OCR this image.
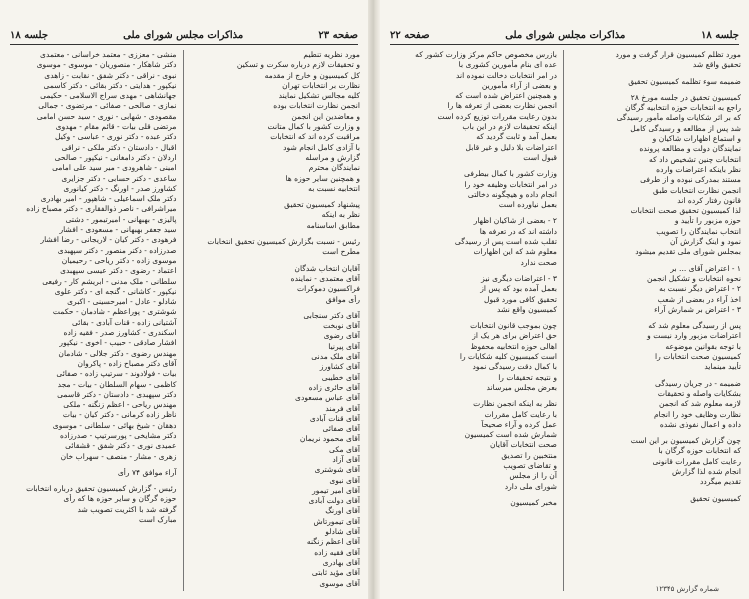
صفحه ۲۳
مذاکرات مجلس شورای ملی
جلسه ۱۸
مورد نظریه تنطیم
و تحقیقات لازم درباره سکرت و تسکین
کل کمیسیون و خارج از مقدمه
نظارت بر انتخابات تهران
کلیه مجالس تشکیل نمایند
انجمن نظارت انتخابات بوده
و معاضدین این انجمن
و وزارت کشور با کمال متانت
مراقبت کرده اند که انتخابات
با آزادی کامل انجام شود
گزارش و مراسله
نمایندگان محترم
و همچنین سایر حوزه ها
انتخابیه نسبت به
پیشنهاد کمیسیون تحقیق
نظر به اینکه
مطابق اساسنامه
رئیس - نسبت بگزارش کمیسیون تحقیق انتخابات
مطرح است
آقایان انتخاب شدگان
آقای معتمدی - نماینده
فراکسیون دموکرات
رأی موافق
آقای دکتر سنجابی
آقای نوبخت
آقای رضوی
آقای پیرنیا
آقای ملک مدنی
آقای کشاورز
آقای خطیبی
آقای حائری زاده
آقای عباس مسعودی
آقای فرمند
آقای قنات آبادی
آقای صفائی
آقای محمود نریمان
آقای مکی
آقای آزاد
آقای شوشتری
آقای نبوی
آقای امیر تیمور
آقای دولت آبادی
آقای اورنگ
آقای تیمورتاش
آقای شادلو
آقای اعظم زنگنه
آقای فقیه زاده
آقای بهادری
آقای مؤید ثابتی
آقای موسوی
منشی - معززی - معتمد خراسانی - معتمدی
دکتر شاهکار - منصوریان - موسوی - موسوی
نبوی - نراقی - دکتر شفق - نقابت - زاهدی
نیکپور - هدایتی - دکتر بقائی - دکتر کاسمی
جهانشاهی - مهدی سراج الاسلامی - حکیمی
نمازی - صالحی - صفائی - مرتضوی - جمالی
مقصودی - شهابی - نوری - سید حسن امامی
مرتضی قلی بیات - قائم مقام - مهدوی
دکتر عبده - دکتر نوری - عباسی - وکیل
اقبال - دادستان - دکتر ملکی - نراقی
اردلان - دکتر دامغانی - نیکپور - صالحی
امینی - شاهرودی - میر سید علی امامی
ساعدی - دکتر حسابی - دکتر جزایری
کشاورز صدر - اورنگ - دکتر کیانوری
دکتر ملک اسماعیلی - شاهپور - امیر بهادری
میراشرافی - ناصر ذوالفقاری - دکتر مصباح زاده
پالیزی - بهبهانی - امیرتیمور - دشتی
سید جعفر بهبهانی - مسعودی - افشار
فرهودی - دکتر کیان - لاریجانی - رضا افشار
صدرزاده - دکتر منصور - دکتر سپهبدی
موسوی زاده - دکتر ریاحی - رحیمیان
اعتماد - رضوی - دکتر عیسی سپهبدی
سلطانی - ملک مدنی - ابریشم کار - رفیعی
نیکپور - کاشانی - گنجه ای - دکتر علوی
شادلو - عادل - امیرحسینی - اکبری
شوشتری - پوراعظم - شادمان - حکمت
آشتیانی زاده - قنات آبادی - بقائی
اسکندری - کشاورز صدر - فقیه زاده
افشار صادقی - حبیب - اخوی - نیکپور
مهندس رضوی - دکتر جلالی - شادمان
آقای دکتر مصباح زاده - پاکروان
بیات - فولادوند - سرتیپ زاده - صفائی
کاظمی - سهام السلطان - بیات - مجد
دکتر سپهبدی - دادستان - دکتر قاسمی
مهندس ریاحی - اعظم زنگنه - ملکی
ناظر زاده کرمانی - دکتر کیان - بیات
دهقان - شیخ بهائی - سلطانی - موسوی
دکتر مشایخی - پورسرتیپ - صدرزاده
عمیدی نوری - دکتر شفق - قشقائی
زهری - مشار - منصف - سهراب خان
آراء موافق ۷۴ رأی
رئیس - گزارش کمیسیون تحقیق درباره انتخابات
حوزه گرگان و سایر حوزه ها که رأی
گرفته شد با اکثریت تصویب شد
مبارک است
جلسه ۱۸
مذاکرات مجلس شورای ملی
صفحه ۲۲
مورد تظلم کمیسیون قرار گرفت و مورد
تحقیق واقع شد
ضمیمه سوء تظلمه کمیسیون تحقیق
کمیسیون تحقیق در جلسه مورخ ۲۸
راجع به انتخابات حوزه انتخابیه گرگان
که بر اثر شکایات واصله مأمور رسیدگی
شد پس از مطالعه و رسیدگی کامل
و استماع اظهارات شاکیان و
نمایندگان دولت و مطالعه پرونده
انتخابات چنین تشخیص داد که
نظر باینکه اعتراضات وارده
مستند بمدرکی نبوده و از طرفی
انجمن نظارت انتخابات طبق
قانون رفتار کرده اند
لذا کمیسیون تحقیق صحت انتخابات
حوزه مزبور را تأیید و
انتخاب نمایندگان را تصویب
نمود و اینک گزارش آن
بمجلس شورای ملی تقدیم میشود
۱ - اعتراض آقای ... بر
نحوه انتخابات و تشکیل انجمن
۲ - اعتراض دیگر نسبت به
اخذ آراء در بعضی از شعب
۳ - اعتراض بر شمارش آراء
پس از رسیدگی معلوم شد که
اعتراضات مزبور وارد نیست و
با توجه بقوانین موضوعه
کمیسیون صحت انتخابات را
تأیید مینماید
ضمیمه - در جریان رسیدگی
بشکایات واصله و تحقیقات
لازمه معلوم شد که انجمن
نظارت وظایف خود را انجام
داده و اعمال نفوذی نشده
چون گزارش کمیسیون بر این است
که انتخابات حوزه گرگان با
رعایت کامل مقررات قانونی
انجام شده لذا گزارش
تقدیم میگردد
کمیسیون تحقیق
بازرس مخصوص حاکم مرکز وزارت کشور که
عده ای بنام مأمورین کشوری با
در امر انتخابات دخالت نموده اند
و بعضی از آراء مأمورین
و همچنین اعتراض شده است که
انجمن نظارت بعضی از تعرفه ها را
بدون رعایت مقررات توزیع کرده است
اینکه تحقیقات لازم در این باب
بعمل آمد و ثابت گردید که
اعتراضات بلا دلیل و غیر قابل
قبول است
وزارت کشور با کمال بیطرفی
در امر انتخابات وظیفه خود را
انجام داده و هیچگونه دخالتی
بعمل نیاورده است
۲ - بعضی از شاکیان اظهار
داشته اند که در تعرفه ها
تقلب شده است پس از رسیدگی
معلوم شد که این اظهارات
صحت ندارد
۳ - اعتراضات دیگری نیز
بعمل آمده بود که پس از
تحقیق کافی مورد قبول
کمیسیون واقع نشد
چون بموجب قانون انتخابات
حق اعتراض برای هر یک از
اهالی حوزه انتخابیه محفوظ
است کمیسیون کلیه شکایات را
با کمال دقت رسیدگی نمود
و نتیجه تحقیقات را
بعرض مجلس میرساند
نظر به اینکه انجمن نظارت
با رعایت کامل مقررات
عمل کرده و آراء صحیحاً
شمارش شده است کمیسیون
صحت انتخابات آقایان
منتخبین را تصدیق
و تقاضای تصویب
آن را از مجلس
شورای ملی دارد
مخبر کمیسیون
شماره گزارش ۱۲۳۴۵
